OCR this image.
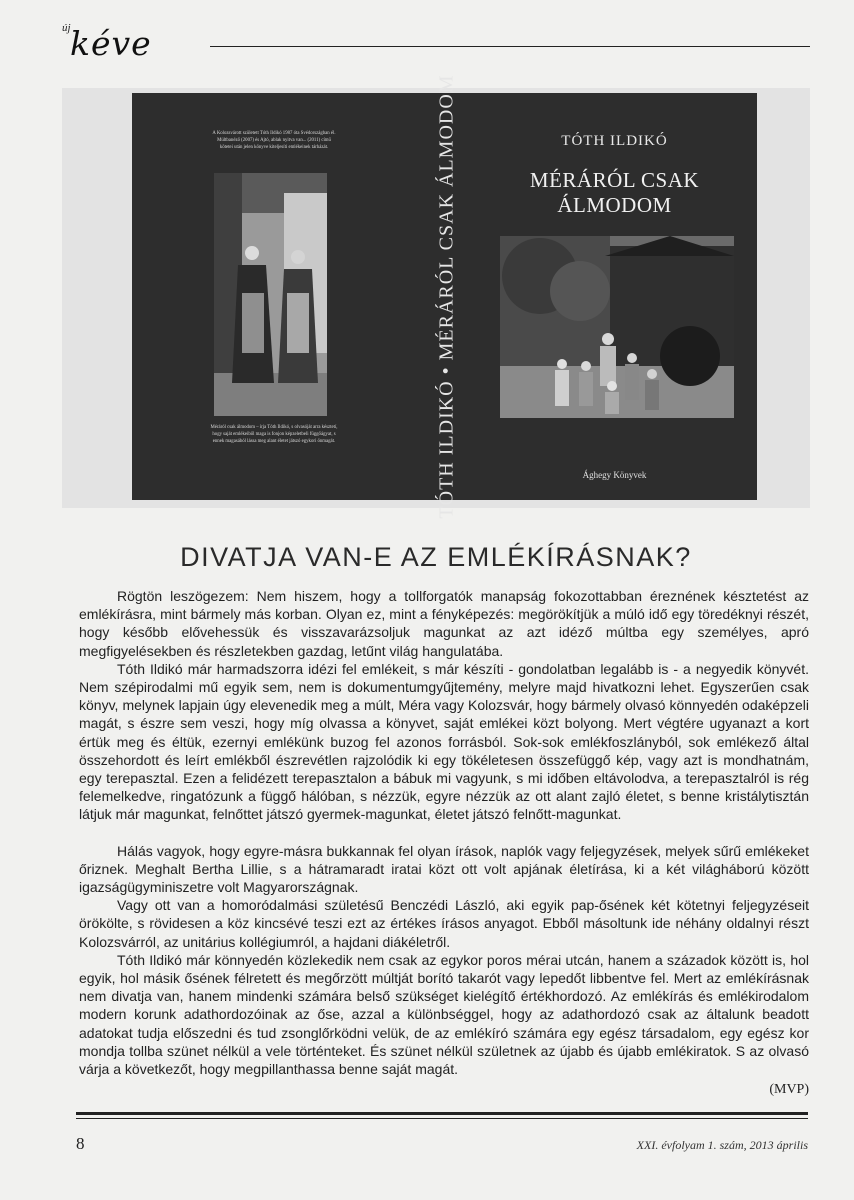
új kéve
A Kolozsvárott született Tóth Ildikó 1987 óta Svédországban él. Múltbanéző (2007) és Ajtó, ablak nyitva van... (2011) című kötetei után jelen könyve kiteljesíti emlékeinek tárházát.
Méráról csak álmodom – írja Tóth Ildikó, s olvasóját arra késztetí, hogy saját emlékeiből maga is fonjon képzeletbeli függőágyat, s ennek magasából lássa meg alant életet játszó egykori önmagát.	TÓTH ILDIKÓ • MÉRÁRÓL CSAK ÁLMODOM	TÓTH ILDIKÓ
MÉRÁRÓL CSAK ÁLMODOM
Ághegy Könyvek
DIVATJA VAN-E AZ EMLÉKÍRÁSNAK?

Rögtön leszögezem: Nem hiszem, hogy a tollforgatók manapság fokozottabban éreznének késztetést az emlékírásra, mint bármely más korban. Olyan ez, mint a fényképezés: megörökítjük a múló idő egy töredéknyi részét, hogy később elővehessük és visszavarázsoljuk magunkat az azt idéző múltba egy személyes, apró megfigyelésekben és részletekben gazdag, letűnt világ hangulatába.

Tóth Ildikó már harmadszorra idézi fel emlékeit, s már készíti - gondolatban legalább is - a negyedik könyvét. Nem szépirodalmi mű egyik sem, nem is dokumentumgyűjtemény, melyre majd hivatkozni lehet. Egyszerűen csak könyv, melynek lapjain úgy elevenedik meg a múlt, Méra vagy Kolozsvár, hogy bármely olvasó könnyedén odaképzeli magát, s észre sem veszi, hogy míg olvassa a könyvet, saját emlékei közt bolyong. Mert végtére ugyanazt a kort értük meg és éltük, ezernyi emlékünk buzog fel azonos forrásból. Sok-sok emlékfoszlányból, sok emlékező által összehordott és leírt emlékből észrevétlen rajzolódik ki egy tökéletesen összefüggő kép, vagy azt is mondhatnám, egy terepasztal. Ezen a felidézett terepasztalon a bábuk mi vagyunk, s mi időben eltávolodva, a terepasztalról is rég felemelkedve, ringatózunk a függő hálóban, s nézzük, egyre nézzük az ott alant zajló életet, s benne kristálytisztán látjuk már magunkat, felnőttet játszó gyermek-magunkat, életet játszó felnőtt-magunkat.

Hálás vagyok, hogy egyre-másra bukkannak fel olyan írások, naplók vagy feljegyzések, melyek sűrű emlékeket őriznek. Meghalt Bertha Lillie, s a hátramaradt iratai közt ott volt apjának életírása, ki a két világháború között igazságügyminiszetre volt Magyarországnak.

Vagy ott van a homoródalmási születésű Benczédi László, aki egyik pap-ősének két kötetnyi feljegyzéseit örökölte, s rövidesen a köz kincsévé teszi ezt az értékes írásos anyagot. Ebből másoltunk ide néhány oldalnyi részt Kolozsvárról, az unitárius kollégiumról, a hajdani diákéletről.

Tóth Ildikó már könnyedén közlekedik nem csak az egykor poros mérai utcán, hanem a századok között is, hol egyik, hol másik ősének félretett és megőrzött múltját borító takarót vagy lepedőt libbentve fel. Mert az emlékírásnak nem divatja van, hanem mindenki számára belső szükséget kielégítő értékhordozó. Az emlékírás és emlékirodalom modern korunk adathordozóinak az őse, azzal a különbséggel, hogy az adathordozó csak az általunk beadott adatokat tudja előszedni és tud zsonglőrködni velük, de az emlékíró számára egy egész társadalom, egy egész kor mondja tollba szünet nélkül a vele történteket. És szünet nélkül születnek az újabb és újabb emlékiratok. S az olvasó várja a következőt, hogy megpillanthassa benne saját magát.

(MVP)
8	XXI. évfolyam 1. szám, 2013 április
